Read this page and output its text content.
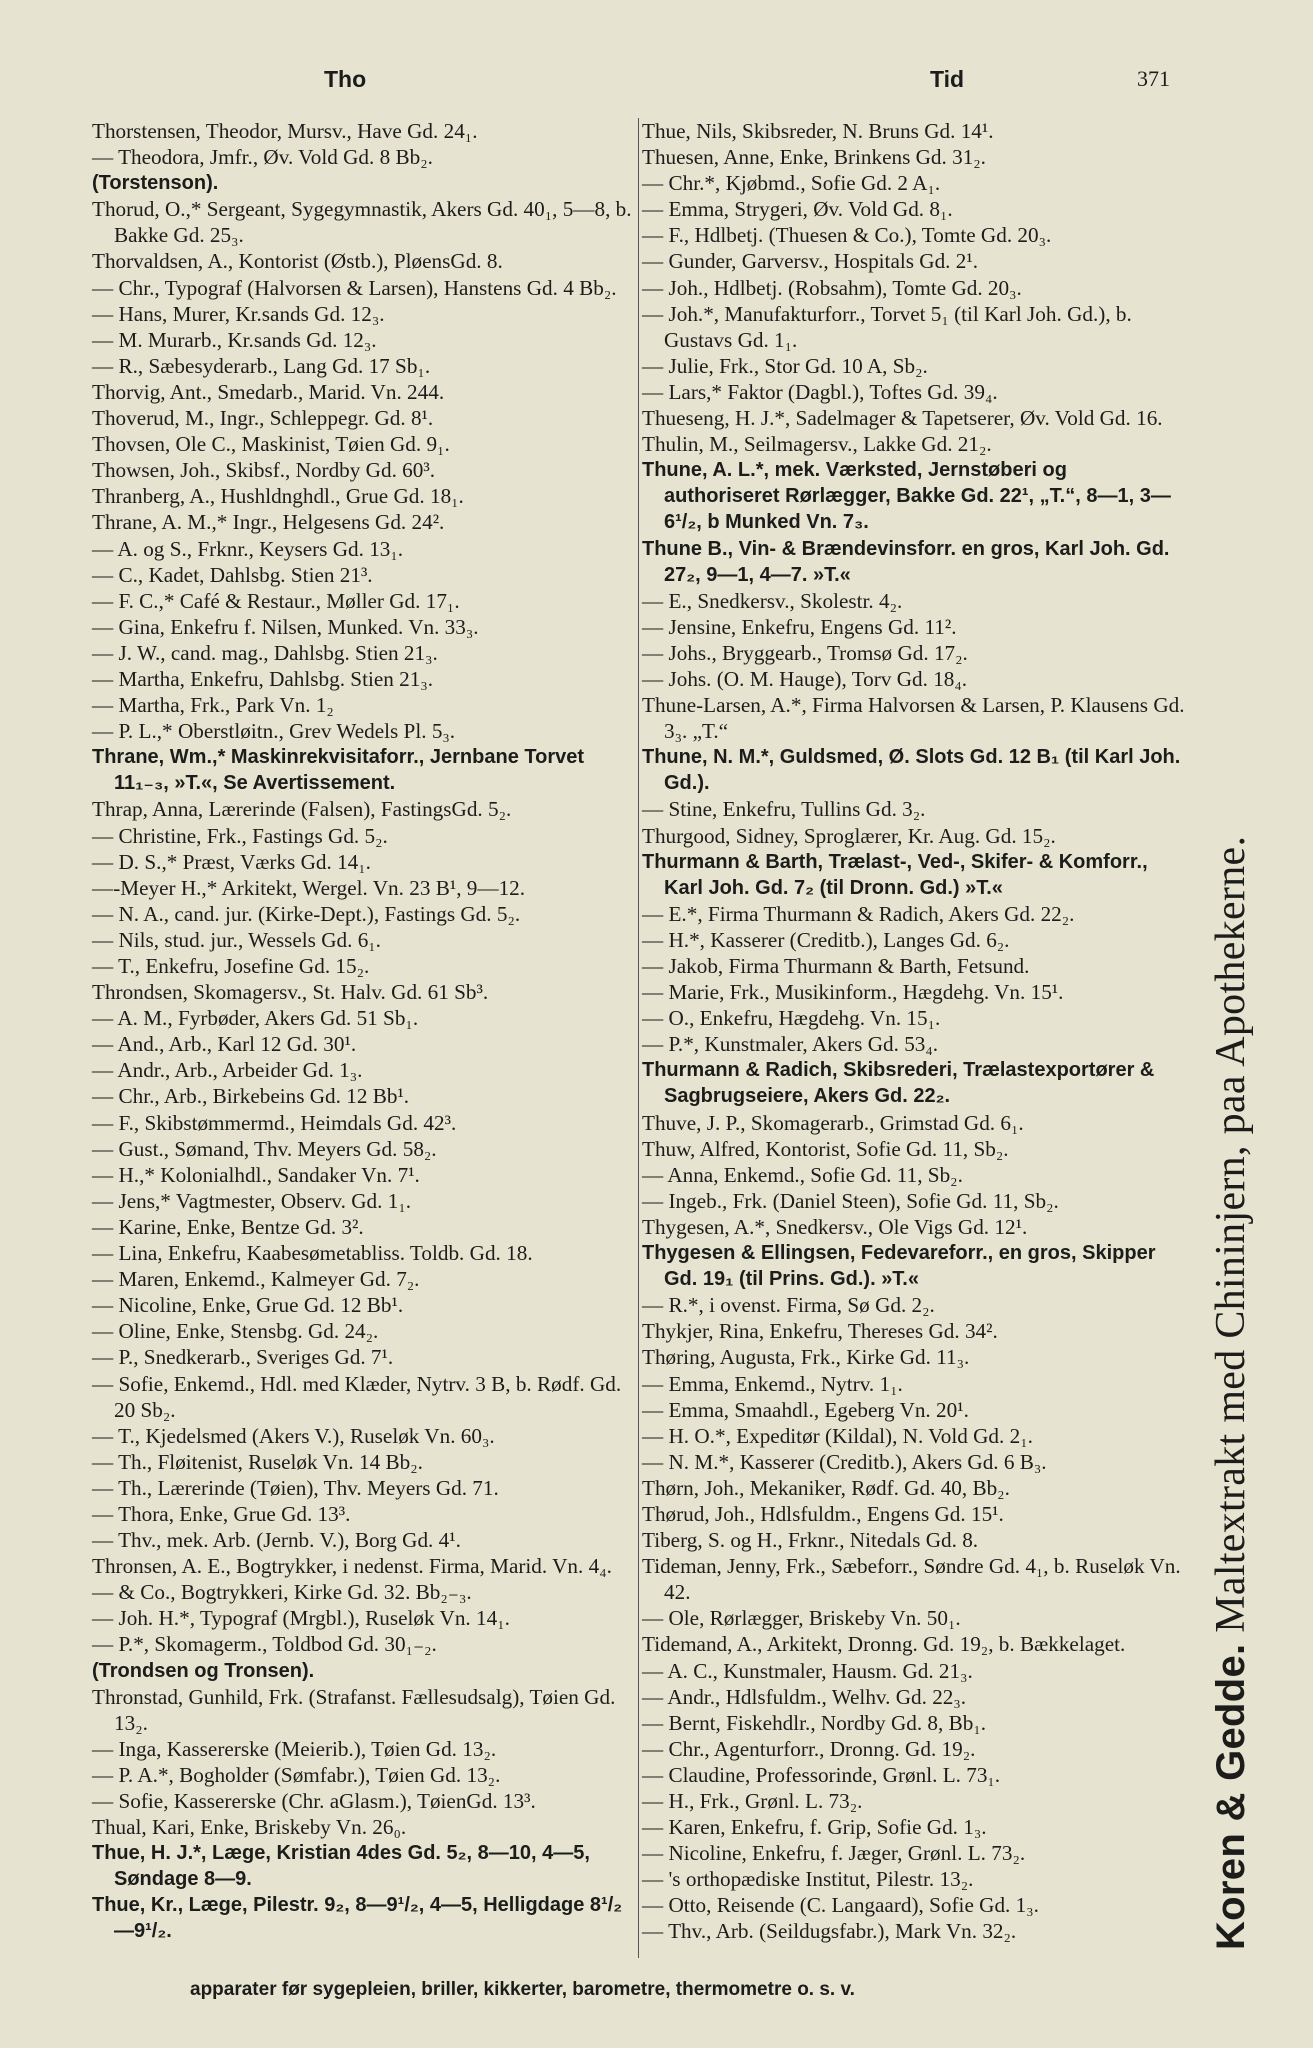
Tho	Tid	371
Thorstensen, Theodor, Mursv., Have Gd. 24₁.
— Theodora, Jmfr., Øv. Vold Gd. 8 Bb₂.
(Torstenson).
Thorud, O.,* Sergeant, Sygegymnastik, Akers Gd. 40₁, 5—8, b. Bakke Gd. 25₃.
Thorvaldsen, A., Kontorist (Østb.), PløensGd. 8.
— Chr., Typograf (Halvorsen & Larsen), Hanstens Gd. 4 Bb₂.
— Hans, Murer, Kr.sands Gd. 12₃.
— M. Murarb., Kr.sands Gd. 12₃.
— R., Sæbesyderarb., Lang Gd. 17 Sb₁.
Thorvig, Ant., Smedarb., Marid. Vn. 244.
Thoverud, M., Ingr., Schleppegr. Gd. 8¹.
Thovsen, Ole C., Maskinist, Tøien Gd. 9₁.
Thowsen, Joh., Skibsf., Nordby Gd. 60³.
Thranberg, A., Hushldnghdl., Grue Gd. 18₁.
Thrane, A. M.,* Ingr., Helgesens Gd. 24².
— A. og S., Frknr., Keysers Gd. 13₁.
— C., Kadet, Dahlsbg. Stien 21³.
— F. C.,* Café & Restaur., Møller Gd. 17₁.
— Gina, Enkefru f. Nilsen, Munked. Vn. 33₃.
— J. W., cand. mag., Dahlsbg. Stien 21₃.
— Martha, Enkefru, Dahlsbg. Stien 21₃.
— Martha, Frk., Park Vn. 1₂
— P. L.,* Oberstløitn., Grev Wedels Pl. 5₃.
Thrane, Wm.,* Maskinrekvisitaforr., Jernbane Torvet 11₁₋₃, »T.«, Se Avertissement.
Thrap, Anna, Lærerinde (Falsen), FastingsGd. 5₂.
— Christine, Frk., Fastings Gd. 5₂.
— D. S.,* Præst, Værks Gd. 14₁.
—-Meyer H.,* Arkitekt, Wergel. Vn. 23 B¹, 9—12.
— N. A., cand. jur. (Kirke-Dept.), Fastings Gd. 5₂.
— Nils, stud. jur., Wessels Gd. 6₁.
— T., Enkefru, Josefine Gd. 15₂.
Throndsen, Skomagersv., St. Halv. Gd. 61 Sb³.
— A. M., Fyrbøder, Akers Gd. 51 Sb₁.
— And., Arb., Karl 12 Gd. 30¹.
— Andr., Arb., Arbeider Gd. 1₃.
— Chr., Arb., Birkebeins Gd. 12 Bb¹.
— F., Skibstømmermd., Heimdals Gd. 42³.
— Gust., Sømand, Thv. Meyers Gd. 58₂.
— H.,* Kolonialhdl., Sandaker Vn. 7¹.
— Jens,* Vagtmester, Observ. Gd. 1₁.
— Karine, Enke, Bentze Gd. 3².
— Lina, Enkefru, Kaabesømetabliss. Toldb. Gd. 18.
— Maren, Enkemd., Kalmeyer Gd. 7₂.
— Nicoline, Enke, Grue Gd. 12 Bb¹.
— Oline, Enke, Stensbg. Gd. 24₂.
— P., Snedkerarb., Sveriges Gd. 7¹.
— Sofie, Enkemd., Hdl. med Klæder, Nytrv. 3 B, b. Rødf. Gd. 20 Sb₂.
— T., Kjedelsmed (Akers V.), Ruseløk Vn. 60₃.
— Th., Fløitenist, Ruseløk Vn. 14 Bb₂.
— Th., Lærerinde (Tøien), Thv. Meyers Gd. 71.
— Thora, Enke, Grue Gd. 13³.
— Thv., mek. Arb. (Jernb. V.), Borg Gd. 4¹.
Thronsen, A. E., Bogtrykker, i nedenst. Firma, Marid. Vn. 4₄.
— & Co., Bogtrykkeri, Kirke Gd. 32. Bb₂₋₃.
— Joh. H.*, Typograf (Mrgbl.), Ruseløk Vn. 14₁.
— P.*, Skomagerm., Toldbod Gd. 30₁₋₂.
(Trondsen og Tronsen).
Thronstad, Gunhild, Frk. (Strafanst. Fællesudsalg), Tøien Gd. 13₂.
— Inga, Kassererske (Meierib.), Tøien Gd. 13₂.
— P. A.*, Bogholder (Sømfabr.), Tøien Gd. 13₂.
— Sofie, Kassererske (Chr. aGlasm.), TøienGd. 13³.
Thual, Kari, Enke, Briskeby Vn. 26₀.
Thue, H. J.*, Læge, Kristian 4des Gd. 5₂, 8—10, 4—5, Søndage 8—9.
Thue, Kr., Læge, Pilestr. 9₂, 8—9¹/₂, 4—5, Helligdage 8¹/₂—9¹/₂.
Thue, Nils, Skibsreder, N. Bruns Gd. 14¹.
Thuesen, Anne, Enke, Brinkens Gd. 31₂.
— Chr.*, Kjøbmd., Sofie Gd. 2 A₁.
— Emma, Strygeri, Øv. Vold Gd. 8₁.
— F., Hdlbetj. (Thuesen & Co.), Tomte Gd. 20₃.
— Gunder, Garversv., Hospitals Gd. 2¹.
— Joh., Hdlbetj. (Robsahm), Tomte Gd. 20₃.
— Joh.*, Manufakturforr., Torvet 5₁ (til Karl Joh. Gd.), b. Gustavs Gd. 1₁.
— Julie, Frk., Stor Gd. 10 A, Sb₂.
— Lars,* Faktor (Dagbl.), Toftes Gd. 39₄.
Thueseng, H. J.*, Sadelmager & Tapetserer, Øv. Vold Gd. 16.
Thulin, M., Seilmagersv., Lakke Gd. 21₂.
Thune, A. L.*, mek. Værksted, Jernstøberi og authoriseret Rørlægger, Bakke Gd. 22¹, „T.“, 8—1, 3—6¹/₂, b Munked Vn. 7₃.
Thune B., Vin- & Brændevinsforr. en gros, Karl Joh. Gd. 27₂, 9—1, 4—7. »T.«
— E., Snedkersv., Skolestr. 4₂.
— Jensine, Enkefru, Engens Gd. 11².
— Johs., Bryggearb., Tromsø Gd. 17₂.
— Johs. (O. M. Hauge), Torv Gd. 18₄.
Thune-Larsen, A.*, Firma Halvorsen & Larsen, P. Klausens Gd. 3₃. „T.“
Thune, N. M.*, Guldsmed, Ø. Slots Gd. 12 B₁ (til Karl Joh. Gd.).
— Stine, Enkefru, Tullins Gd. 3₂.
Thurgood, Sidney, Sproglærer, Kr. Aug. Gd. 15₂.
Thurmann & Barth, Trælast-, Ved-, Skifer- & Komforr., Karl Joh. Gd. 7₂ (til Dronn. Gd.) »T.«
— E.*, Firma Thurmann & Radich, Akers Gd. 22₂.
— H.*, Kasserer (Creditb.), Langes Gd. 6₂.
— Jakob, Firma Thurmann & Barth, Fetsund.
— Marie, Frk., Musikinform., Hægdehg. Vn. 15¹.
— O., Enkefru, Hægdehg. Vn. 15₁.
— P.*, Kunstmaler, Akers Gd. 53₄.
Thurmann & Radich, Skibsrederi, Trælastexportører & Sagbrugseiere, Akers Gd. 22₂.
Thuve, J. P., Skomagerarb., Grimstad Gd. 6₁.
Thuw, Alfred, Kontorist, Sofie Gd. 11, Sb₂.
— Anna, Enkemd., Sofie Gd. 11, Sb₂.
— Ingeb., Frk. (Daniel Steen), Sofie Gd. 11, Sb₂.
Thygesen, A.*, Snedkersv., Ole Vigs Gd. 12¹.
Thygesen & Ellingsen, Fedevareforr., en gros, Skipper Gd. 19₁ (til Prins. Gd.). »T.«
— R.*, i ovenst. Firma, Sø Gd. 2₂.
Thykjer, Rina, Enkefru, Thereses Gd. 34².
Thøring, Augusta, Frk., Kirke Gd. 11₃.
— Emma, Enkemd., Nytrv. 1₁.
— Emma, Smaahdl., Egeberg Vn. 20¹.
— H. O.*, Expeditør (Kildal), N. Vold Gd. 2₁.
— N. M.*, Kasserer (Creditb.), Akers Gd. 6 B₃.
Thørn, Joh., Mekaniker, Rødf. Gd. 40, Bb₂.
Thørud, Joh., Hdlsfuldm., Engens Gd. 15¹.
Tiberg, S. og H., Frknr., Nitedals Gd. 8.
Tideman, Jenny, Frk., Sæbeforr., Søndre Gd. 4₁, b. Ruseløk Vn. 42.
— Ole, Rørlægger, Briskeby Vn. 50₁.
Tidemand, A., Arkitekt, Dronng. Gd. 19₂, b. Bækkelaget.
— A. C., Kunstmaler, Hausm. Gd. 21₃.
— Andr., Hdlsfuldm., Welhv. Gd. 22₃.
— Bernt, Fiskehdlr., Nordby Gd. 8, Bb₁.
— Chr., Agenturforr., Dronng. Gd. 19₂.
— Claudine, Professorinde, Grønl. L. 73₁.
— H., Frk., Grønl. L. 73₂.
— Karen, Enkefru, f. Grip, Sofie Gd. 1₃.
— Nicoline, Enkefru, f. Jæger, Grønl. L. 73₂.
— 's orthopædiske Institut, Pilestr. 13₂.
— Otto, Reisende (C. Langaard), Sofie Gd. 1₃.
— Thv., Arb. (Seildugsfabr.), Mark Vn. 32₂.	Koren & Gedde. Maltextrakt med Chininjern, paa Apothekerne.
apparater før sygepleien, briller, kikkerter, barometre, thermometre o. s. v.
